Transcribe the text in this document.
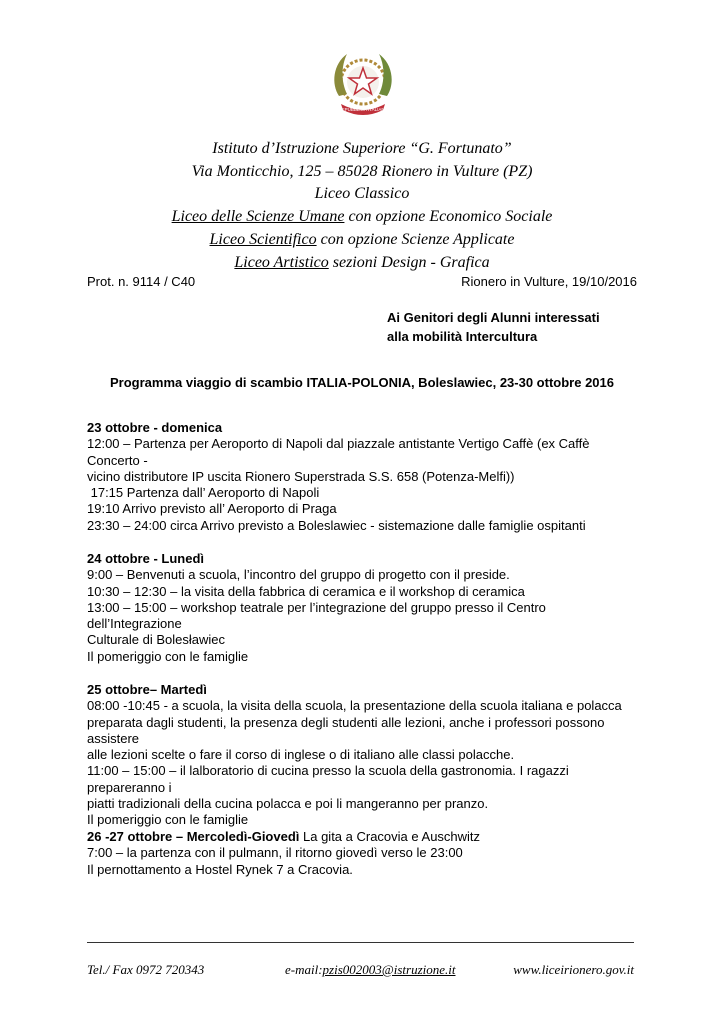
REPUBBLICA ITALIANA
Istituto d’Istruzione Superiore “G. Fortunato”
Via Monticchio, 125 – 85028 Rionero in Vulture (PZ)
Liceo Classico
Liceo delle Scienze Umane con opzione Economico Sociale
Liceo Scientifico con opzione Scienze Applicate
Liceo Artistico sezioni Design - Grafica
Prot. n. 9114 / C40	Rionero in Vulture, 19/10/2016
Ai Genitori degli Alunni interessati
alla mobilità Intercultura
Programma viaggio di scambio ITALIA-POLONIA, Boleslawiec, 23-30 ottobre 2016
23 ottobre - domenica
12:00 – Partenza per Aeroporto di Napoli dal piazzale antistante Vertigo Caffè (ex Caffè Concerto -
vicino distributore IP uscita Rionero Superstrada S.S. 658 (Potenza-Melfi))
17:15 Partenza dall’ Aeroporto di Napoli
19:10 Arrivo previsto all’ Aeroporto di Praga
23:30 – 24:00 circa Arrivo previsto a Boleslawiec - sistemazione dalle famiglie ospitanti
24 ottobre - Lunedì
9:00 – Benvenuti a scuola, l’incontro del gruppo di progetto con il preside.
10:30 – 12:30 – la visita della fabbrica di ceramica e il workshop di ceramica
13:00 – 15:00 – workshop teatrale per l’integrazione del gruppo presso il Centro dell’Integrazione
Culturale di Bolesławiec
Il pomeriggio con le famiglie
25 ottobre– Martedì
08:00 -10:45 - a scuola, la visita della scuola, la presentazione della scuola italiana e polacca
preparata dagli studenti, la presenza degli studenti alle lezioni, anche i professori possono assistere
alle lezioni scelte o fare il corso di inglese o di italiano alle classi polacche.
11:00 – 15:00 – il lalboratorio di cucina presso la scuola della gastronomia. I ragazzi prepareranno i
piatti tradizionali della cucina polacca e poi li mangeranno per pranzo.
Il pomeriggio con le famiglie
26 -27 ottobre – Mercoledì-Giovedì La gita a Cracovia e Auschwitz
7:00 – la partenza con il pulmann, il ritorno giovedì verso le 23:00
Il pernottamento a Hostel Rynek 7 a Cracovia.
Tel./ Fax 0972 720343	e-mail:pzis002003@istruzione.it	www.liceirionero.gov.it
